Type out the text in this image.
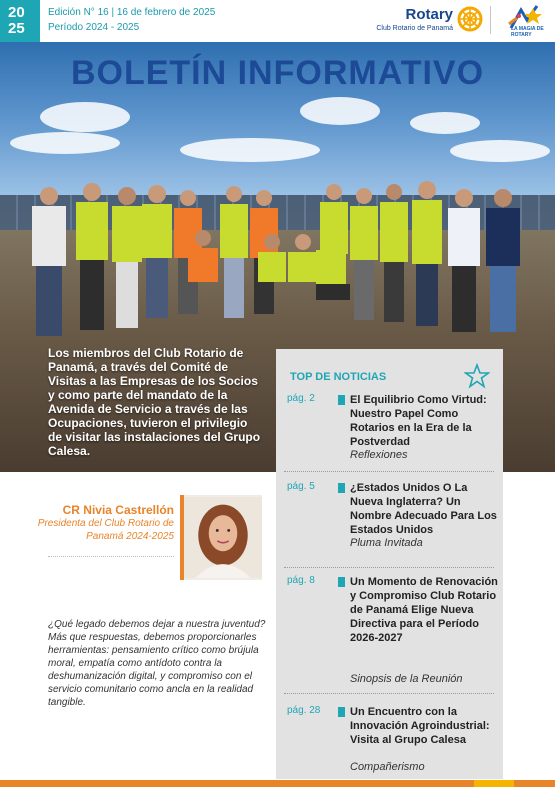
20
25
Edición N° 16 | 16 de febrero de 2025
Período 2024 - 2025
Rotary
Club Rotario de Panamá	LA MAGIA DE ROTARY
BOLETÍN INFORMATIVO
Los miembros del Club Rotario de Panamá, a través del Comité de Visitas a las Empresas de los Socios y como parte del mandato de la Avenida de Servicio a través de las Ocupaciones, tuvieron el privilegio de visitar las instalaciones del Grupo Calesa.
TOP DE NOTICIAS
pág. 2	El Equilibrio Como Virtud: Nuestro Papel Como Rotarios en la Era de la Postverdad
Reflexiones
pág. 5	¿Estados Unidos O La Nueva Inglaterra? Un Nombre Adecuado Para Los Estados Unidos
Pluma Invitada
pág. 8	Un Momento de Renovación y Compromiso Club Rotario de Panamá Elige Nueva Directiva para el Período 2026-2027
Sinopsis de la Reunión
pág. 28	Un Encuentro con la Innovación Agroindustrial: Visita al Grupo Calesa
Compañerismo
CR Nivia Castrellón
Presidenta del Club Rotario de Panamá 2024-2025
¿Qué legado debemos dejar a nuestra juventud? Más que respuestas, debemos proporcionarles herramientas: pensamiento crítico como brújula moral, empatía como antídoto contra la deshumanización digital, y compromiso con el servicio comunitario como ancla en la realidad tangible.
